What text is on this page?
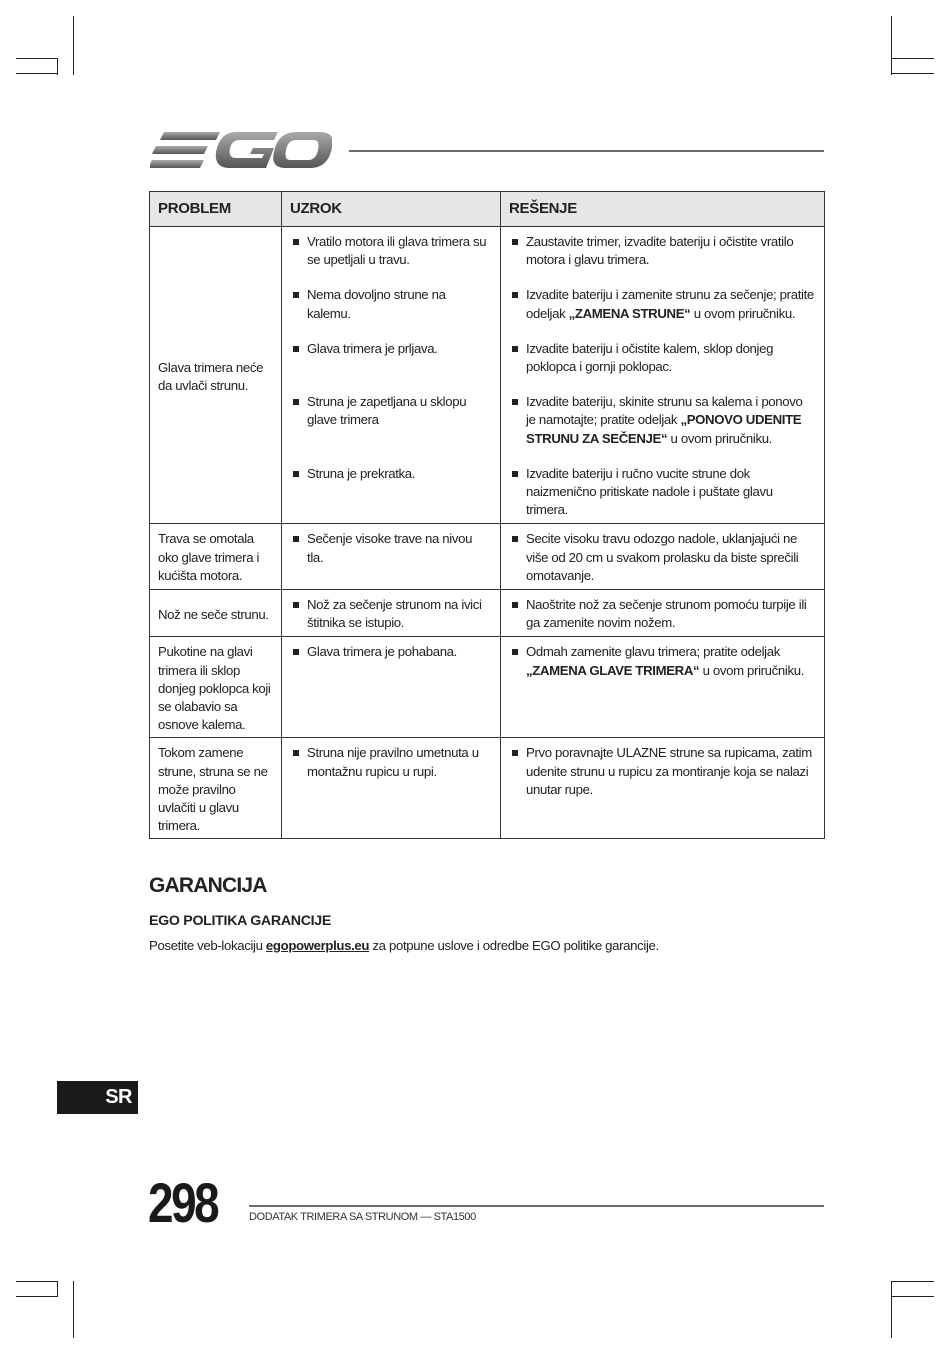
PROBLEM	UZROK	REŠENJE
Glava trimera neće da uvlači strunu.	Vratilo motora ili glava trimera su se upetljali u travu.	Zaustavite trimer, izvadite bateriju i očistite vratilo motora i glavu trimera.

Nema dovoljno strune na kalemu.	Izvadite bateriju i zamenite strunu za sečenje; pratite odeljak „ZAMENA STRUNE“ u ovom priručniku.

Glava trimera je prljava.	Izvadite bateriju i očistite kalem, sklop donjeg poklopca i gornji poklopac.

Struna je zapetljana u sklopu glave trimera	Izvadite bateriju, skinite strunu sa kalema i ponovo je namotajte; pratite odeljak „PONOVO UDENITE STRUNU ZA SEČENJE“ u ovom priručniku.

Struna je prekratka.	Izvadite bateriju i ručno vucite strune dok naizmenično pritiskate nadole i puštate glavu trimera.

Trava se omotala oko glave trimera i kućišta motora.	Sečenje visoke trave na nivou tla.	Secite visoku travu odozgo nadole, uklanjajući ne više od 20 cm u svakom prolasku da biste sprečili omotavanje.

Nož ne seče strunu.	Nož za sečenje strunom na ivici štitnika se istupio.	Naoštrite nož za sečenje strunom pomoću turpije ili ga zamenite novim nožem.

Pukotine na glavi trimera ili sklop donjeg poklopca koji se olabavio sa osnove kalema.	Glava trimera je pohabana.	Odmah zamenite glavu trimera; pratite odeljak „ZAMENA GLAVE TRIMERA“ u ovom priručniku.

Tokom zamene strune, struna se ne može pravilno uvlačiti u glavu trimera.	Struna nije pravilno umetnuta u montažnu rupicu u rupi.	Prvo poravnajte ULAZNE strune sa rupicama, zatim udenite strunu u rupicu za montiranje koja se nalazi unutar rupe.
GARANCIJA
EGO POLITIKA GARANCIJE

Posetite veb-lokaciju egopowerplus.eu za potpune uslove i odredbe EGO politike garancije.

SR
298	DODATAK TRIMERA SA STRUNOM — STA1500
